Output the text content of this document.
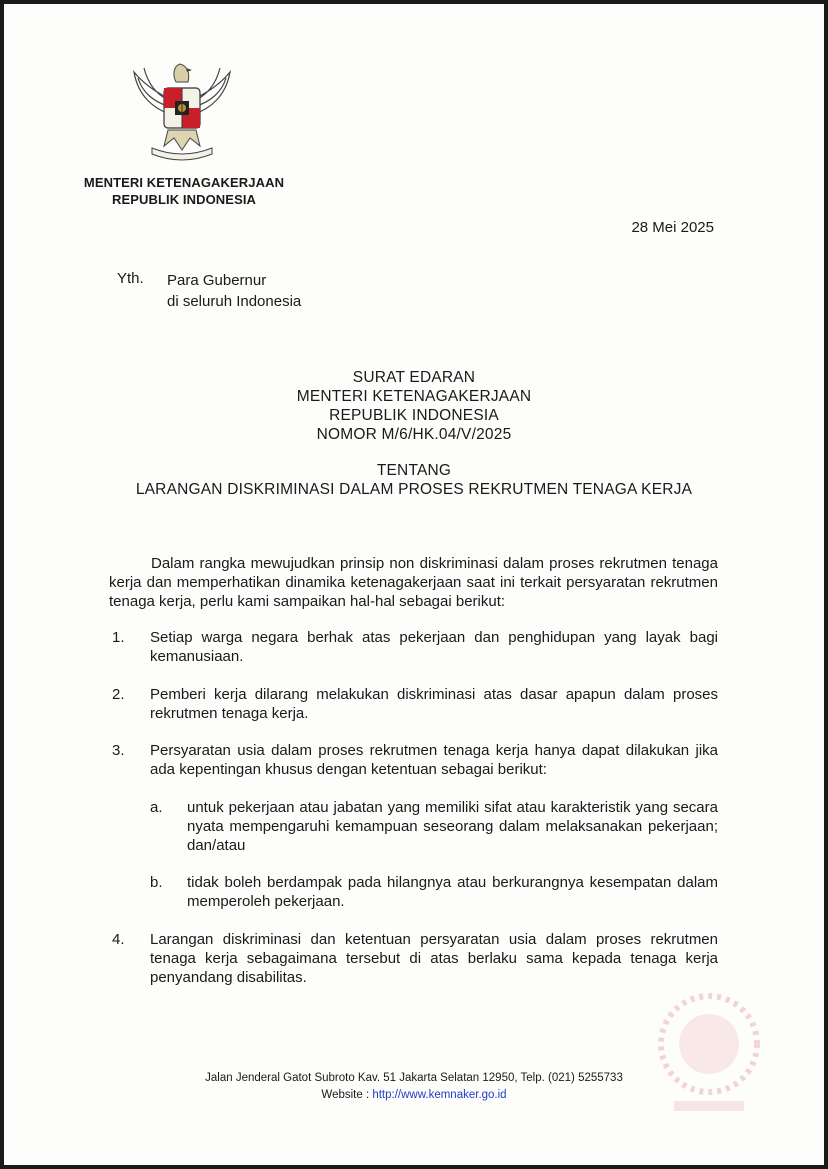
MENTERI KETENAGAKERJAAN
REPUBLIK INDONESIA
28 Mei 2025
Yth. Para Gubernur
di seluruh Indonesia
SURAT EDARAN
MENTERI KETENAGAKERJAAN
REPUBLIK INDONESIA
NOMOR M/6/HK.04/V/2025
TENTANG
LARANGAN DISKRIMINASI DALAM PROSES REKRUTMEN TENAGA KERJA
Dalam rangka mewujudkan prinsip non diskriminasi dalam proses rekrutmen tenaga kerja dan memperhatikan dinamika ketenagakerjaan saat ini terkait persyaratan rekrutmen tenaga kerja, perlu kami sampaikan hal-hal sebagai berikut:
1. Setiap warga negara berhak atas pekerjaan dan penghidupan yang layak bagi kemanusiaan.
2. Pemberi kerja dilarang melakukan diskriminasi atas dasar apapun dalam proses rekrutmen tenaga kerja.
3. Persyaratan usia dalam proses rekrutmen tenaga kerja hanya dapat dilakukan jika ada kepentingan khusus dengan ketentuan sebagai berikut:
a. untuk pekerjaan atau jabatan yang memiliki sifat atau karakteristik yang secara nyata mempengaruhi kemampuan seseorang dalam melaksanakan pekerjaan; dan/atau
b. tidak boleh berdampak pada hilangnya atau berkurangnya kesempatan dalam memperoleh pekerjaan.
4. Larangan diskriminasi dan ketentuan persyaratan usia dalam proses rekrutmen tenaga kerja sebagaimana tersebut di atas berlaku sama kepada tenaga kerja penyandang disabilitas.
Jalan Jenderal Gatot Subroto Kav. 51 Jakarta Selatan 12950, Telp. (021) 5255733
Website : http://www.kemnaker.go.id
